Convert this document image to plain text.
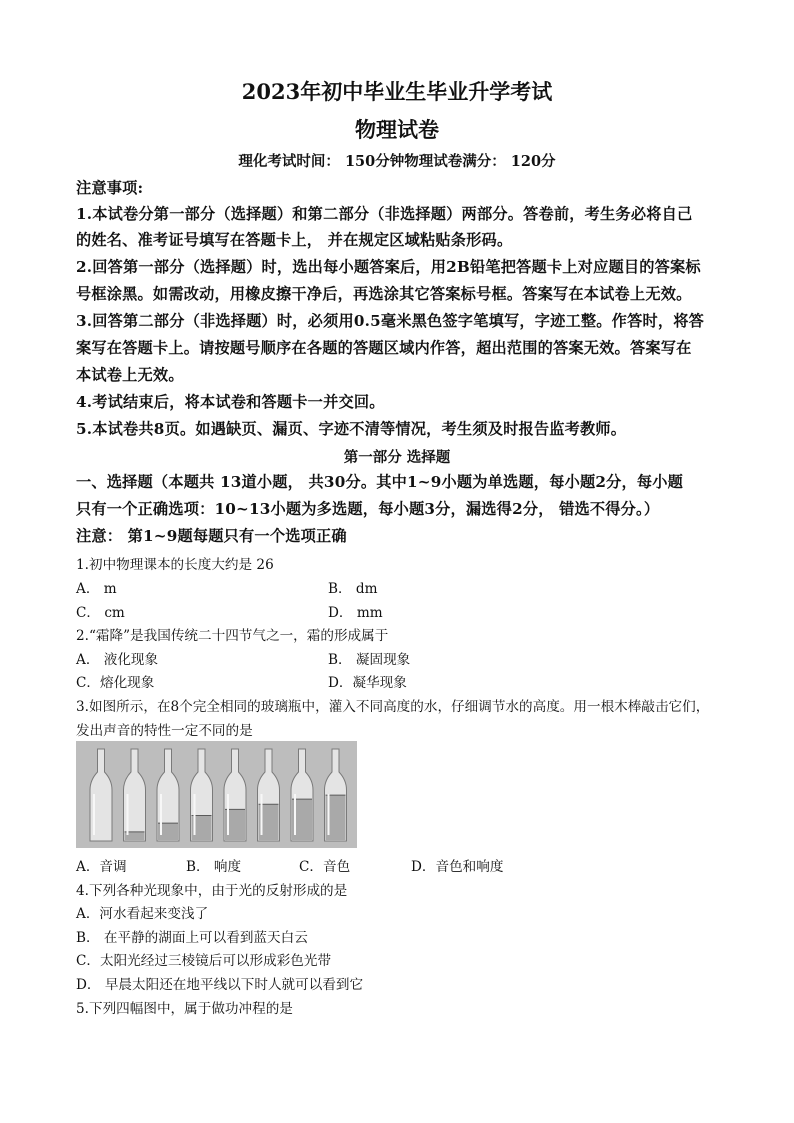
2023年初中毕业生毕业升学考试
物理试卷
理化考试时间： 150分钟物理试卷满分： 120分
注意事项:
1.本试卷分第一部分（选择题）和第二部分（非选择题）两部分。答卷前，考生务必将自己
的姓名、准考证号填写在答题卡上， 并在规定区域粘贴条形码。
2.回答第一部分（选择题）时，选出每小题答案后，用2B铅笔把答题卡上对应题目的答案标
号框涂黑。如需改动，用橡皮擦干净后，再选涂其它答案标号框。答案写在本试卷上无效。
3.回答第二部分（非选择题）时，必须用0.5毫米黑色签字笔填写，字迹工整。作答时，将答
案写在答题卡上。请按题号顺序在各题的答题区域内作答，超出范围的答案无效。答案写在
本试卷上无效。
4.考试结束后，将本试卷和答题卡一并交回。
5.本试卷共8页。如遇缺页、漏页、字迹不清等情况，考生须及时报告监考教师。
第一部分 选择题
一、选择题（本题共 13道小题， 共30分。其中1~9小题为单选题，每小题2分，每小题
只有一个正确选项：10~13小题为多选题，每小题3分，漏选得2分， 错选不得分。）
注意： 第1~9题每题只有一个选项正确
1.初中物理课本的长度大约是 26
A． m	B． dm
C． cm	D． mm
2.“霜降”是我国传统二十四节气之一，霜的形成属于
A． 液化现象	B． 凝固现象
C．熔化现象	D．凝华现象
3.如图所示，在8个完全相同的玻璃瓶中，灌入不同高度的水，仔细调节水的高度。用一根木棒敲击它们，
发出声音的特性一定不同的是
A．音调	B． 响度	C．音色	D．音色和响度
4.下列各种光现象中，由于光的反射形成的是
A．河水看起来变浅了
B． 在平静的湖面上可以看到蓝天白云
C．太阳光经过三棱镜后可以形成彩色光带
D． 早晨太阳还在地平线以下时人就可以看到它
5.下列四幅图中，属于做功冲程的是
